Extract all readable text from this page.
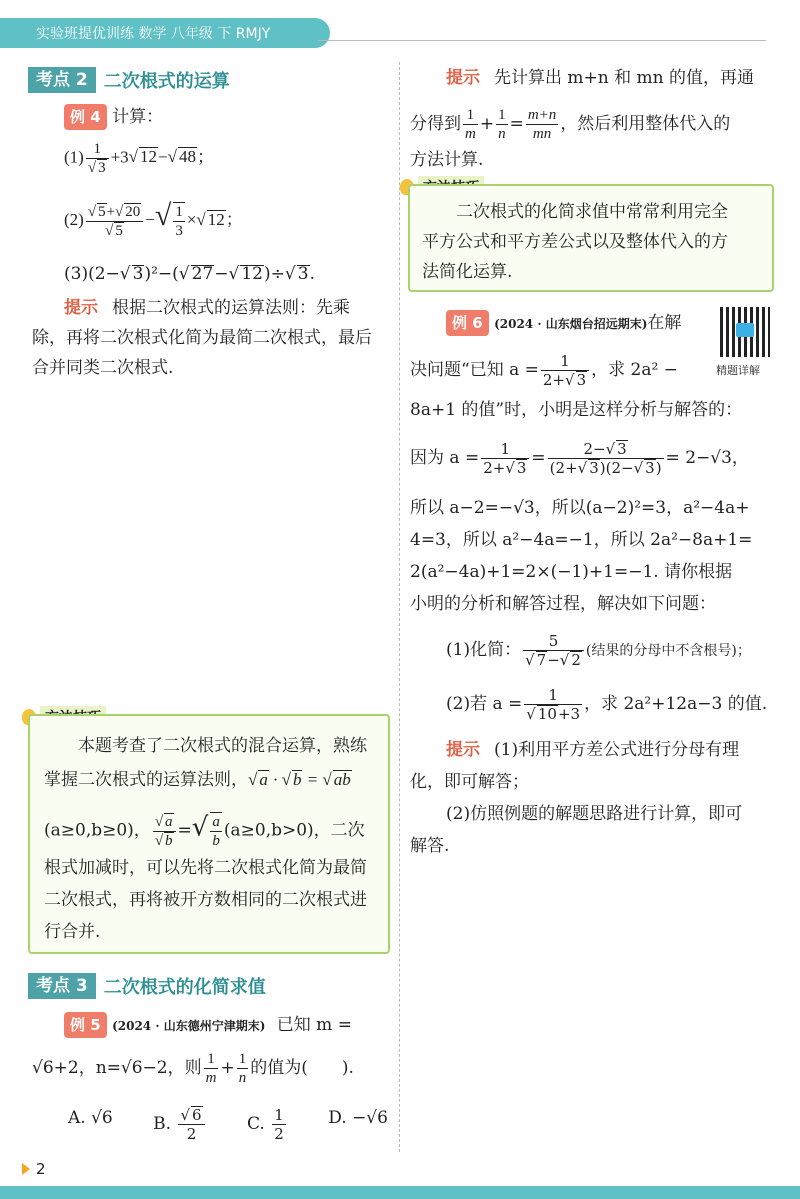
实验班提优训练 数学 八年级 下 RMJY
考点 2 二次根式的运算
例 4 计算：
(1) 1
√ 3 +3 √ 12− √ 48；
(2) √ 5+ √ 20
√ 5 −√ $\frac{1}{3}$ × √ 12；
(3)(2− √ 3)²−( √ 27− √ 12)÷ √ 3.
提示 根据二次根式的运算法则：先乘
除，再将二次根式化简为最简二次根式，最后
合并同类二次根式.
本题考查了二次根式的混合运算，熟练
掌握二次根式的运算法则， √ a · √ b = √ ab
(a≥0,b≥0)， √ a
√ b =√ $\frac{a}{b} (a\ge 0,b>0)$，二次
根式加减时，可以先将二次根式化简为最简
二次根式，再将被开方数相同的二次根式进
行合并.
考点 3 二次根式的化简求值
例 5 (2024 · 山东德州宁津期末) 已知 m =
√6+2，n=√6−2，则 $\frac{1}{m} + \frac{1}{n}$ 的值为(　　).
A. √6 B. √ $\frac{6}{2} C$. $\frac{1}{2} D$. −√6
提示 先计算出 m+n 和 mn 的值，再通
分得到 $\frac{1}{m} + \frac{1}{n} = \frac{m+n}{mn}$ ，然后利用整体代入的
方法计算.
二次根式的化简求值中常常利用完全
平方公式和平方差公式以及整体代入的方
法简化运算.
例 6 (2024 · 山东烟台招远期末)在解
精题详解
决问题“已知 $a = \frac{1}{2+ √ 3}$ ，求 2a² −
8a+1 的值”时，小明是这样分析与解答的：
因为 $a = \frac{1}{2+ √ 3} = \frac{2- √ 3}{(2+ √ 3)(2- √ 3)} = 2-√3$，
所以 a−2=−√3，所以(a−2)²=3，a²−4a+
4=3，所以 a²−4a=−1，所以 2a²−8a+1=
2(a²−4a)+1=2×(−1)+1=−1. 请你根据
小明的分析和解答过程，解决如下问题：
(1)化简： 5
√ 7− √ 2 (结果的分母中不含根号)；
(2)若 a = 1
√ 10+3 ，求 2a²+12a−3 的值.
提示 (1)利用平方差公式进行分母有理
化，即可解答；
(2)仿照例题的解题思路进行计算，即可
解答.
2
